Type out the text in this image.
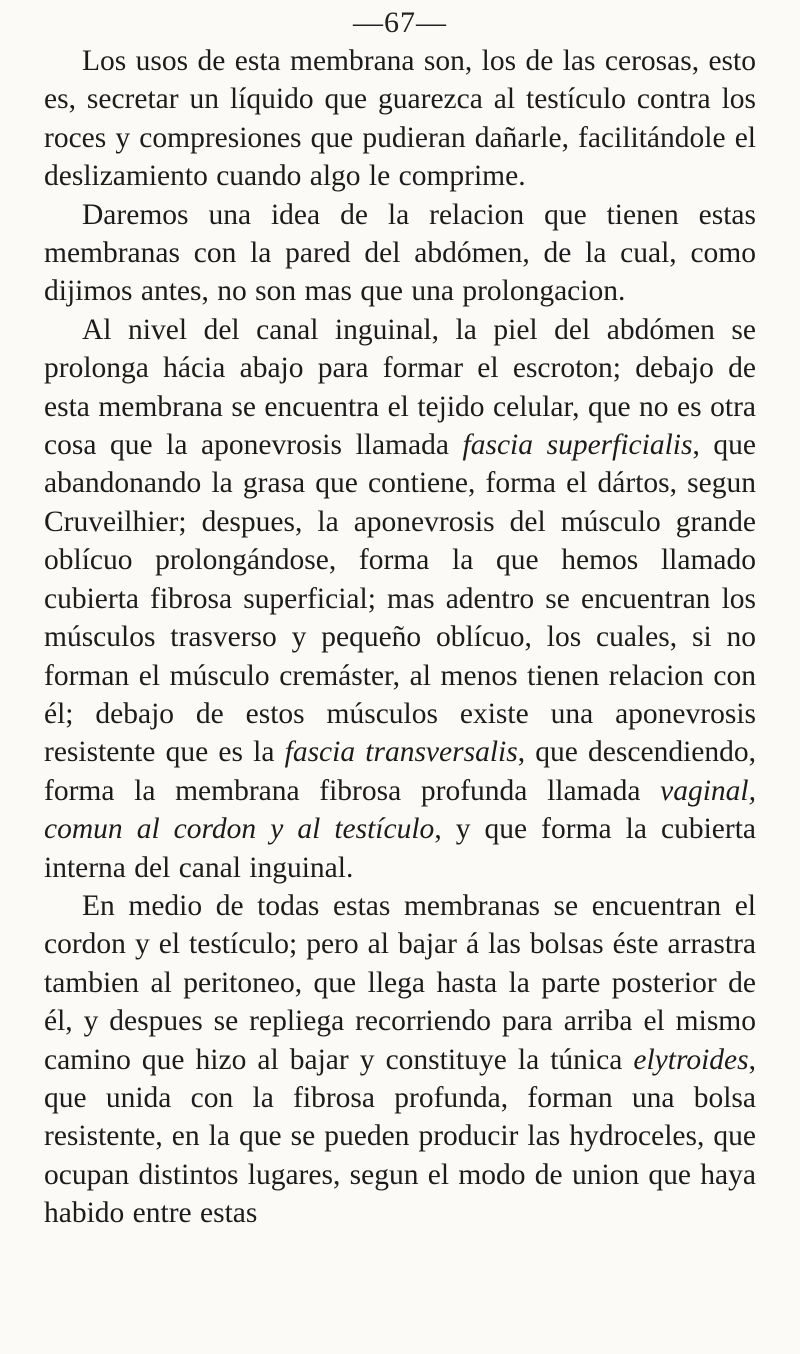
—67—

Los usos de esta membrana son, los de las cerosas, esto es, secretar un líquido que guarezca al testículo contra los roces y compresiones que pudieran dañarle, facilitándole el deslizamiento cuando algo le comprime.

Daremos una idea de la relacion que tienen estas membranas con la pared del abdómen, de la cual, como dijimos antes, no son mas que una prolongacion.

Al nivel del canal inguinal, la piel del abdómen se prolonga hácia abajo para formar el escroton; debajo de esta membrana se encuentra el tejido celular, que no es otra cosa que la aponevrosis llamada fascia superficialis, que abandonando la grasa que contiene, forma el dártos, segun Cruveilhier; despues, la aponevrosis del músculo grande oblícuo prolongándose, forma la que hemos llamado cubierta fibrosa superficial; mas adentro se encuentran los músculos trasverso y pequeño oblícuo, los cuales, si no forman el músculo cremáster, al menos tienen relacion con él; debajo de estos músculos existe una aponevrosis resistente que es la fascia transversalis, que descendiendo, forma la membrana fibrosa profunda llamada vaginal, comun al cordon y al testículo, y que forma la cubierta interna del canal inguinal.

En medio de todas estas membranas se encuentran el cordon y el testículo; pero al bajar á las bolsas éste arrastra tambien al peritoneo, que llega hasta la parte posterior de él, y despues se repliega recorriendo para arriba el mismo camino que hizo al bajar y constituye la túnica elytroides, que unida con la fibrosa profunda, forman una bolsa resistente, en la que se pueden producir las hydroceles, que ocupan distintos lugares, segun el modo de union que haya habido entre estas
